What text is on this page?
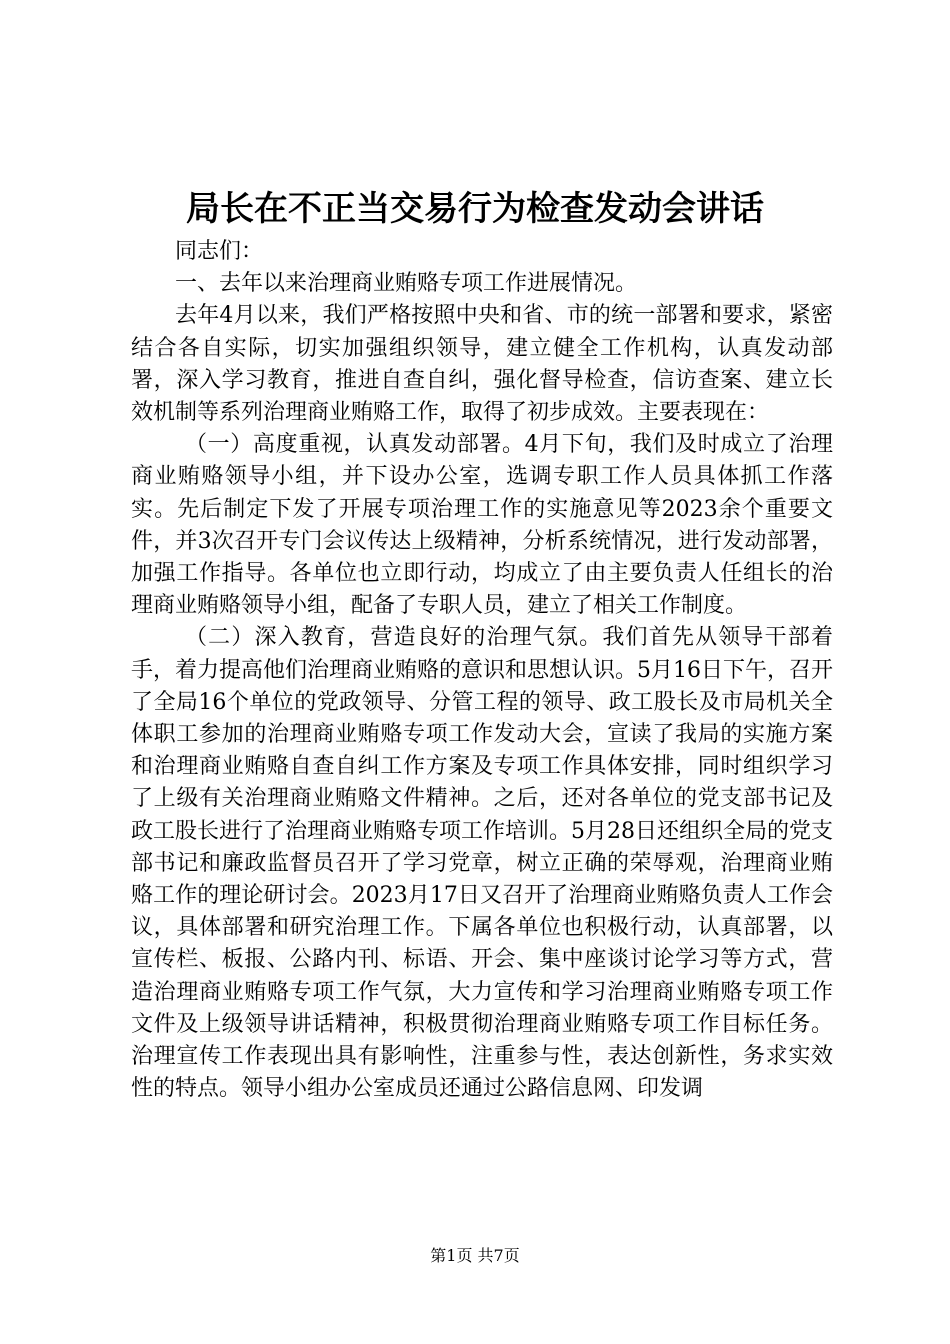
局长在不正当交易行为检查发动会讲话

同志们：

一、去年以来治理商业贿赂专项工作进展情况。

去年4月以来，我们严格按照中央和省、市的统一部署和要求，紧密结合各自实际，切实加强组织领导，建立健全工作机构，认真发动部署，深入学习教育，推进自查自纠，强化督导检查，信访查案、建立长效机制等系列治理商业贿赂工作，取得了初步成效。主要表现在：

（一）高度重视，认真发动部署。4月下旬，我们及时成立了治理商业贿赂领导小组，并下设办公室，选调专职工作人员具体抓工作落实。先后制定下发了开展专项治理工作的实施意见等2023余个重要文件，并3次召开专门会议传达上级精神，分析系统情况，进行发动部署，加强工作指导。各单位也立即行动，均成立了由主要负责人任组长的治理商业贿赂领导小组，配备了专职人员，建立了相关工作制度。

（二）深入教育，营造良好的治理气氛。我们首先从领导干部着手，着力提高他们治理商业贿赂的意识和思想认识。5月16日下午，召开了全局16个单位的党政领导、分管工程的领导、政工股长及市局机关全体职工参加的治理商业贿赂专项工作发动大会，宣读了我局的实施方案和治理商业贿赂自查自纠工作方案及专项工作具体安排，同时组织学习了上级有关治理商业贿赂文件精神。之后，还对各单位的党支部书记及政工股长进行了治理商业贿赂专项工作培训。5月28日还组织全局的党支部书记和廉政监督员召开了学习党章，树立正确的荣辱观，治理商业贿赂工作的理论研讨会。2023月17日又召开了治理商业贿赂负责人工作会议，具体部署和研究治理工作。下属各单位也积极行动，认真部署，以宣传栏、板报、公路内刊、标语、开会、集中座谈讨论学习等方式，营造治理商业贿赂专项工作气氛，大力宣传和学习治理商业贿赂专项工作文件及上级领导讲话精神，积极贯彻治理商业贿赂专项工作目标任务。治理宣传工作表现出具有影响性，注重参与性，表达创新性，务求实效性的特点。领导小组办公室成员还通过公路信息网、印发调

第1页 共7页
